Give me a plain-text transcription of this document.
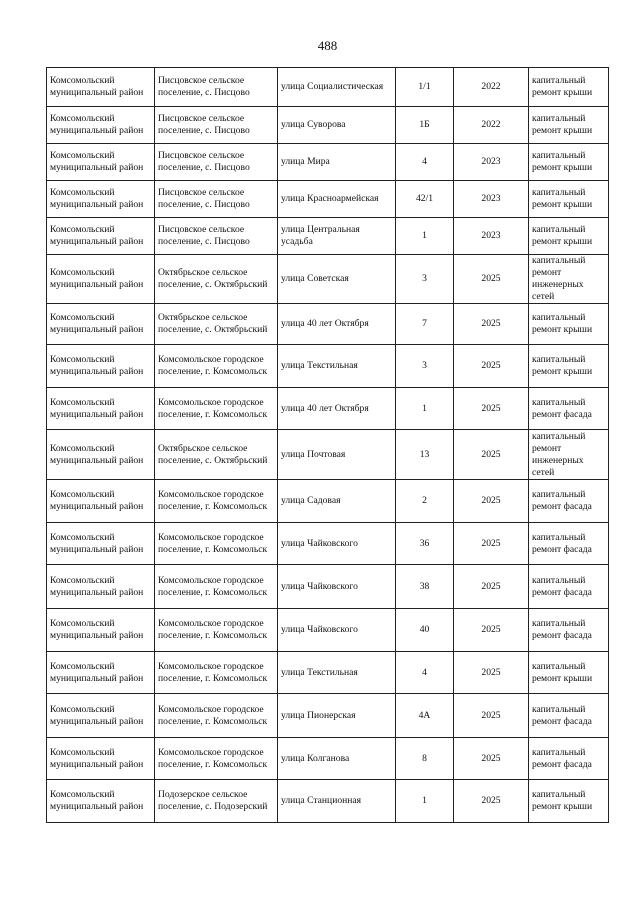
488
Комсомольский муниципальный район	Писцовское сельское поселение, с. Писцово	улица Социалистическая	1/1	2022	капитальный ремонт крыши
Комсомольский муниципальный район	Писцовское сельское поселение, с. Писцово	улица Суворова	1Б	2022	капитальный ремонт крыши
Комсомольский муниципальный район	Писцовское сельское поселение, с. Писцово	улица Мира	4	2023	капитальный ремонт крыши
Комсомольский муниципальный район	Писцовское сельское поселение, с. Писцово	улица Красноармейская	42/1	2023	капитальный ремонт крыши
Комсомольский муниципальный район	Писцовское сельское поселение, с. Писцово	улица Центральная усадьба	1	2023	капитальный ремонт крыши
Комсомольский муниципальный район	Октябрьское сельское поселение, с. Октябрьский	улица Советская	3	2025	капитальный ремонт инженерных сетей
Комсомольский муниципальный район	Октябрьское сельское поселение, с. Октябрьский	улица 40 лет Октября	7	2025	капитальный ремонт крыши
Комсомольский муниципальный район	Комсомольское городское поселение, г. Комсомольск	улица Текстильная	3	2025	капитальный ремонт крыши
Комсомольский муниципальный район	Комсомольское городское поселение, г. Комсомольск	улица 40 лет Октября	1	2025	капитальный ремонт фасада
Комсомольский муниципальный район	Октябрьское сельское поселение, с. Октябрьский	улица Почтовая	13	2025	капитальный ремонт инженерных сетей
Комсомольский муниципальный район	Комсомольское городское поселение, г. Комсомольск	улица Садовая	2	2025	капитальный ремонт фасада
Комсомольский муниципальный район	Комсомольское городское поселение, г. Комсомольск	улица Чайковского	36	2025	капитальный ремонт фасада
Комсомольский муниципальный район	Комсомольское городское поселение, г. Комсомольск	улица Чайковского	38	2025	капитальный ремонт фасада
Комсомольский муниципальный район	Комсомольское городское поселение, г. Комсомольск	улица Чайковского	40	2025	капитальный ремонт фасада
Комсомольский муниципальный район	Комсомольское городское поселение, г. Комсомольск	улица Текстильная	4	2025	капитальный ремонт крыши
Комсомольский муниципальный район	Комсомольское городское поселение, г. Комсомольск	улица Пионерская	4А	2025	капитальный ремонт фасада
Комсомольский муниципальный район	Комсомольское городское поселение, г. Комсомольск	улица Колганова	8	2025	капитальный ремонт фасада
Комсомольский муниципальный район	Подозерское сельское поселение, с. Подозерский	улица Станционная	1	2025	капитальный ремонт крыши
